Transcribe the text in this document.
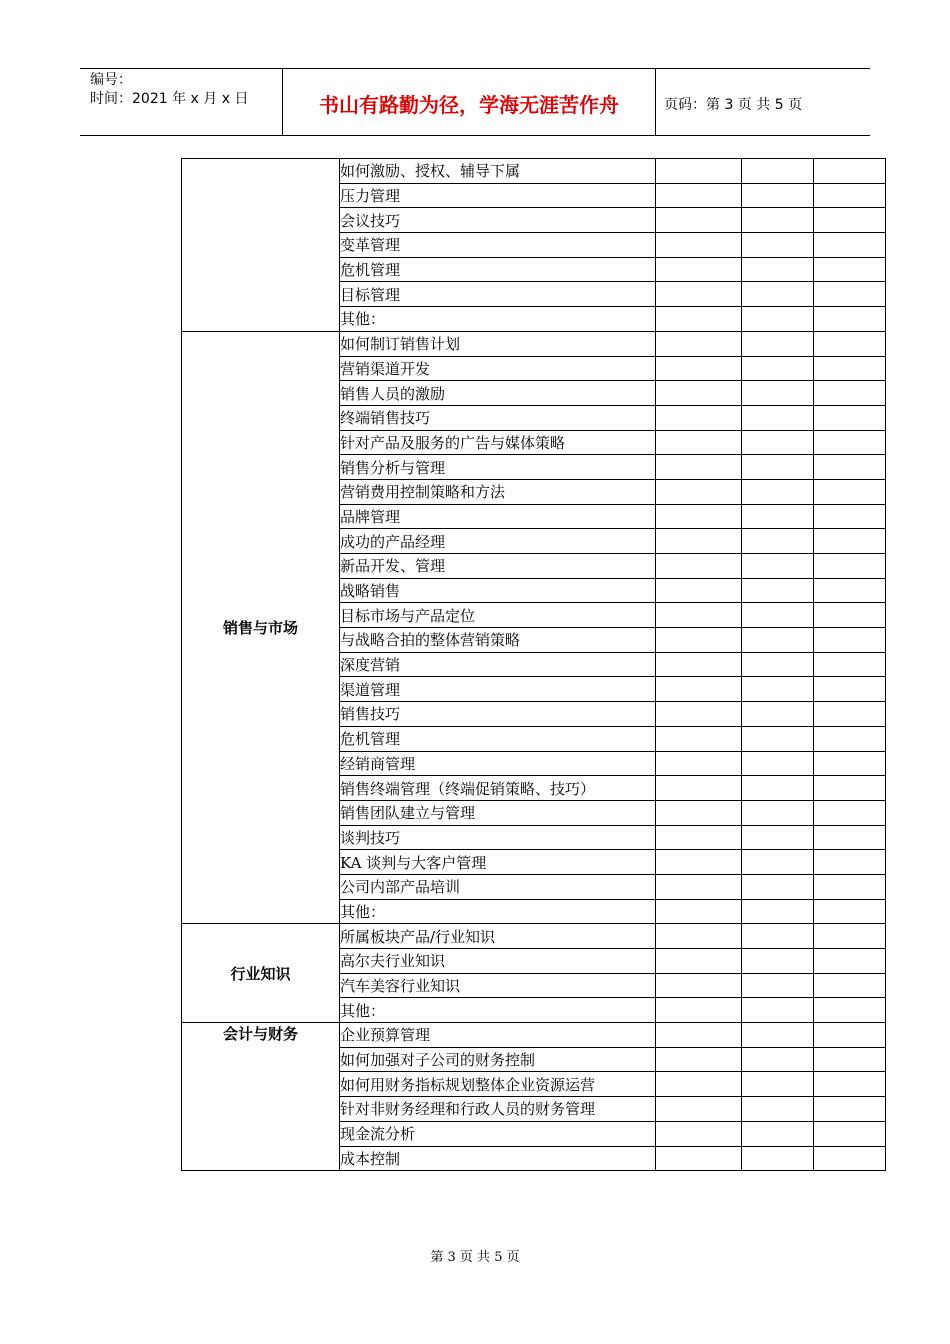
编号：
时间：2021 年 x 月 x 日	书山有路勤为径，学海无涯苦作舟	页码：第 3 页 共 5 页
	如何激励、授权、辅导下属			
	压力管理			
	会议技巧			
	变革管理			
	危机管理			
	目标管理			
	其他：			
销售与市场	如何制订销售计划			
	营销渠道开发			
	销售人员的激励			
	终端销售技巧			
	针对产品及服务的广告与媒体策略			
	销售分析与管理			
	营销费用控制策略和方法			
	品牌管理			
	成功的产品经理			
	新品开发、管理			
	战略销售			
	目标市场与产品定位			
	与战略合拍的整体营销策略			
	深度营销			
	渠道管理			
	销售技巧			
	危机管理			
	经销商管理			
	销售终端管理（终端促销策略、技巧）			
	销售团队建立与管理			
	谈判技巧			
	KA 谈判与大客户管理			
	公司内部产品培训			
	其他：			
行业知识	所属板块产品/行业知识			
	高尔夫行业知识			
	汽车美容行业知识			
	其他：			
会计与财务	企业预算管理			
	如何加强对子公司的财务控制			
	如何用财务指标规划整体企业资源运营			
	针对非财务经理和行政人员的财务管理			
	现金流分析			
	成本控制			
第 3 页 共 5 页
